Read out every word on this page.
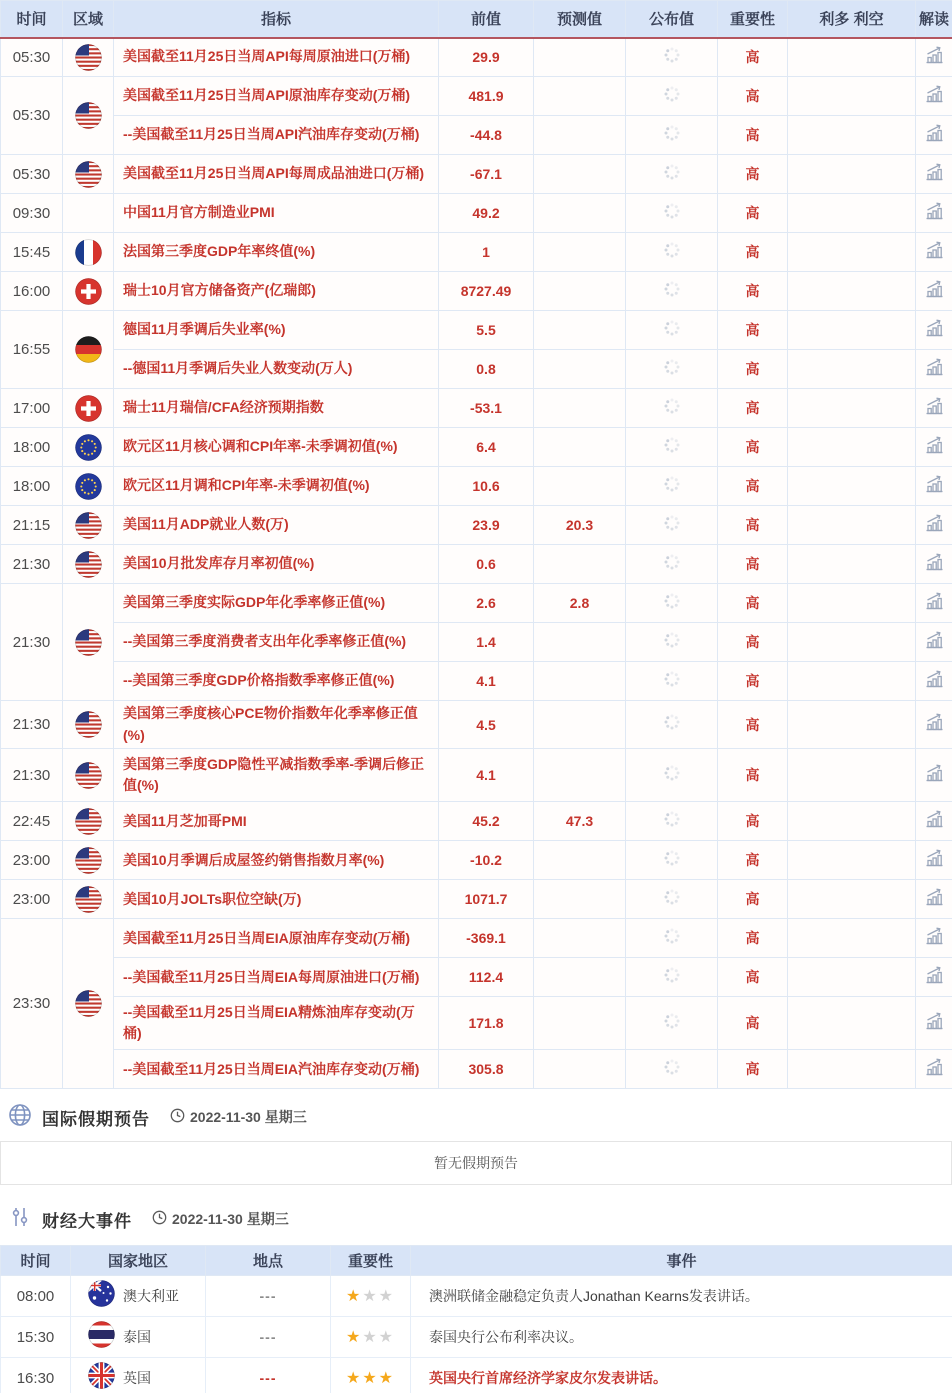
时间	区域	指标	前值	预测值	公布值	重要性	利多 利空	解读
05:30		美国截至11月25日当周API每周原油进口(万桶)	29.9			高		
05:30		美国截至11月25日当周API原油库存变动(万桶)	481.9			高		
		--美国截至11月25日当周API汽油库存变动(万桶)	-44.8			高		
05:30		美国截至11月25日当周API每周成品油进口(万桶)	-67.1			高		
09:30		中国11月官方制造业PMI	49.2			高		
15:45		法国第三季度GDP年率终值(%)	1			高		
16:00		瑞士10月官方储备资产(亿瑞郎)	8727.49			高		
16:55		德国11月季调后失业率(%)	5.5			高		
		--德国11月季调后失业人数变动(万人)	0.8			高		
17:00		瑞士11月瑞信/CFA经济预期指数	-53.1			高		
18:00		欧元区11月核心调和CPI年率-未季调初值(%)	6.4			高		
18:00		欧元区11月调和CPI年率-未季调初值(%)	10.6			高		
21:15		美国11月ADP就业人数(万)	23.9	20.3		高		
21:30		美国10月批发库存月率初值(%)	0.6			高		
21:30		美国第三季度实际GDP年化季率修正值(%)	2.6	2.8		高		
		--美国第三季度消费者支出年化季率修正值(%)	1.4			高		
		--美国第三季度GDP价格指数季率修正值(%)	4.1			高		
21:30		美国第三季度核心PCE物价指数年化季率修正值(%)	4.5			高		
21:30		美国第三季度GDP隐性平减指数季率-季调后修正值(%)	4.1			高		
22:45		美国11月芝加哥PMI	45.2	47.3		高		
23:00		美国10月季调后成屋签约销售指数月率(%)	-10.2			高		
23:00		美国10月JOLTs职位空缺(万)	1071.7			高		
23:30		美国截至11月25日当周EIA原油库存变动(万桶)	-369.1			高		
		--美国截至11月25日当周EIA每周原油进口(万桶)	112.4			高		
		--美国截至11月25日当周EIA精炼油库存变动(万桶)	171.8			高		
		--美国截至11月25日当周EIA汽油库存变动(万桶)	305.8			高		
国际假期预告	2022-11-30 星期三
暂无假期预告
财经大事件	2022-11-30 星期三
时间	国家地区	地点	重要性	事件
08:00	澳大利亚	---	★★★	澳洲联储金融稳定负责人Jonathan Kearns发表讲话。
15:30	泰国	---	★★★	泰国央行公布利率决议。
16:30	英国	---	★★★	英国央行首席经济学家皮尔发表讲话。
